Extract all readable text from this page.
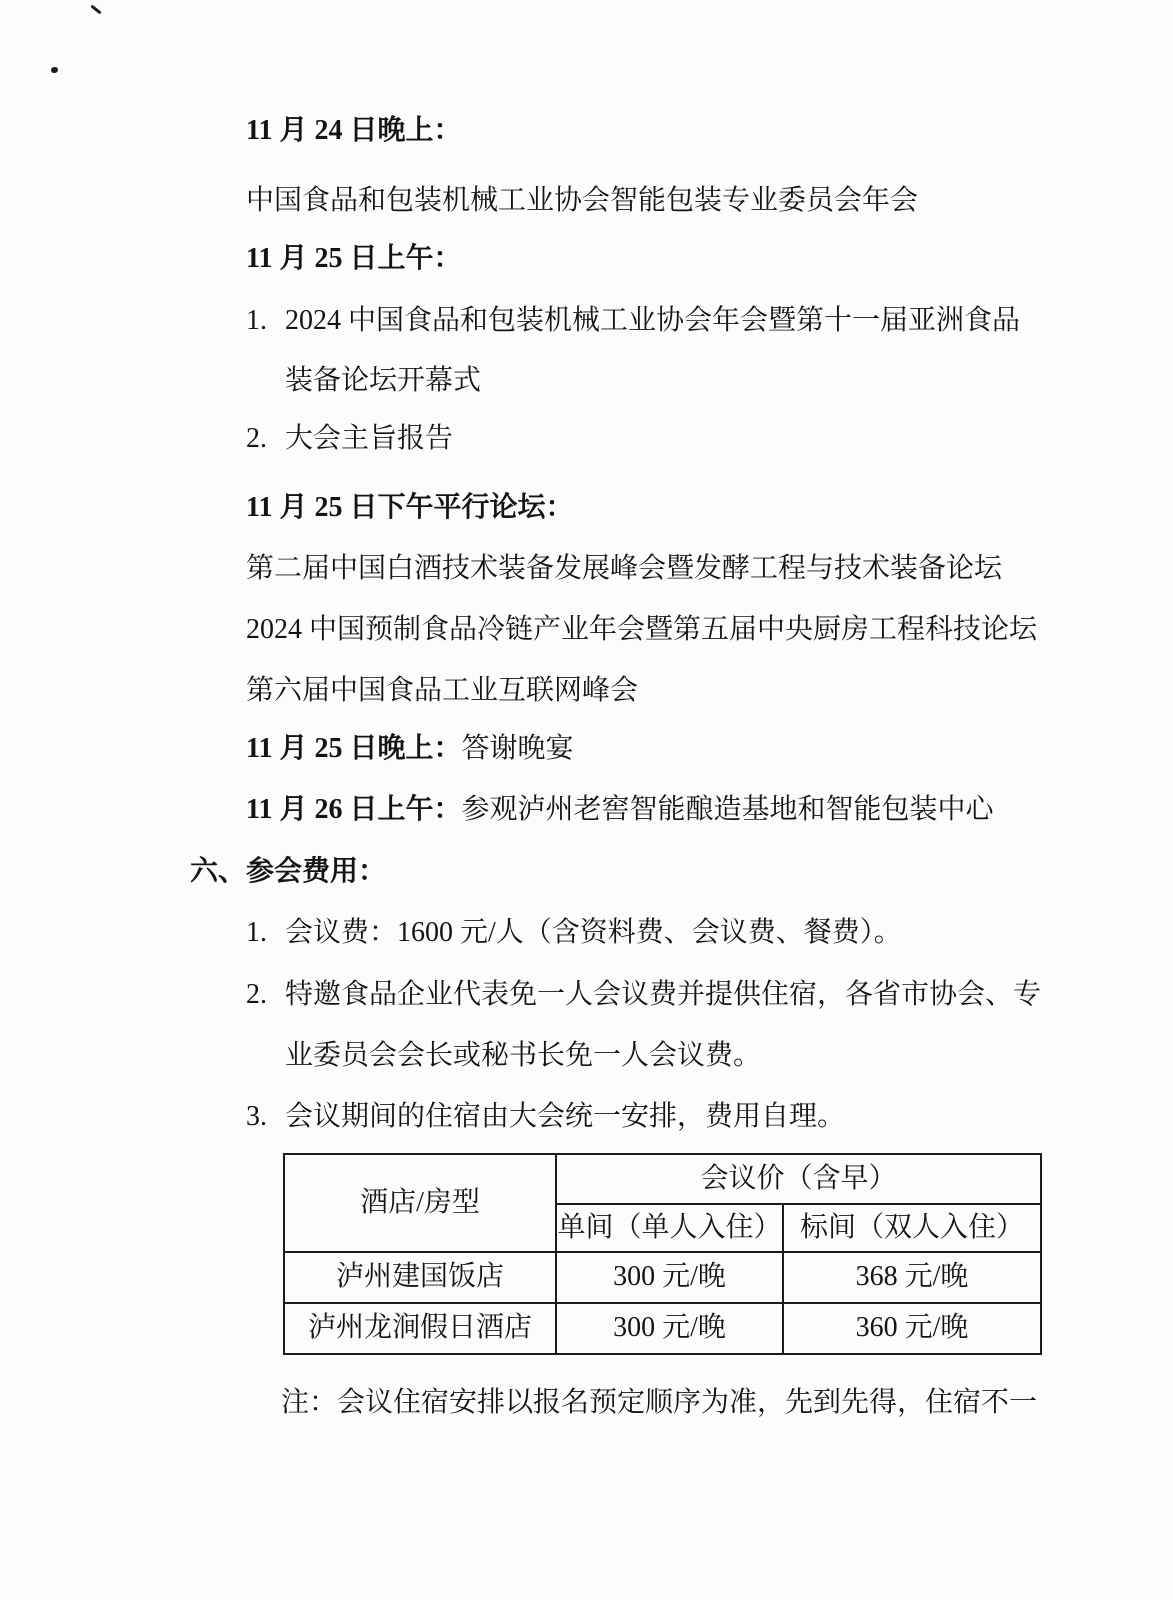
11 月 24 日晚上：
中国食品和包装机械工业协会智能包装专业委员会年会
11 月 25 日上午：
1. 2024 中国食品和包装机械工业协会年会暨第十一届亚洲食品
装备论坛开幕式
2. 大会主旨报告
11 月 25 日下午平行论坛：
第二届中国白酒技术装备发展峰会暨发酵工程与技术装备论坛
2024 中国预制食品冷链产业年会暨第五届中央厨房工程科技论坛
第六届中国食品工业互联网峰会
11 月 25 日晚上：答谢晚宴
11 月 26 日上午：参观泸州老窖智能酿造基地和智能包装中心
六、参会费用：
1. 会议费：1600 元/人（含资料费、会议费、餐费）。
2. 特邀食品企业代表免一人会议费并提供住宿，各省市协会、专
业委员会会长或秘书长免一人会议费。
3. 会议期间的住宿由大会统一安排，费用自理。
酒店/房型	会议价（含早）	
	单间（单人入住）	标间（双人入住）
泸州建国饭店	300 元/晚	368 元/晚
泸州龙涧假日酒店	300 元/晚	360 元/晚
注：会议住宿安排以报名预定顺序为准，先到先得，住宿不一
